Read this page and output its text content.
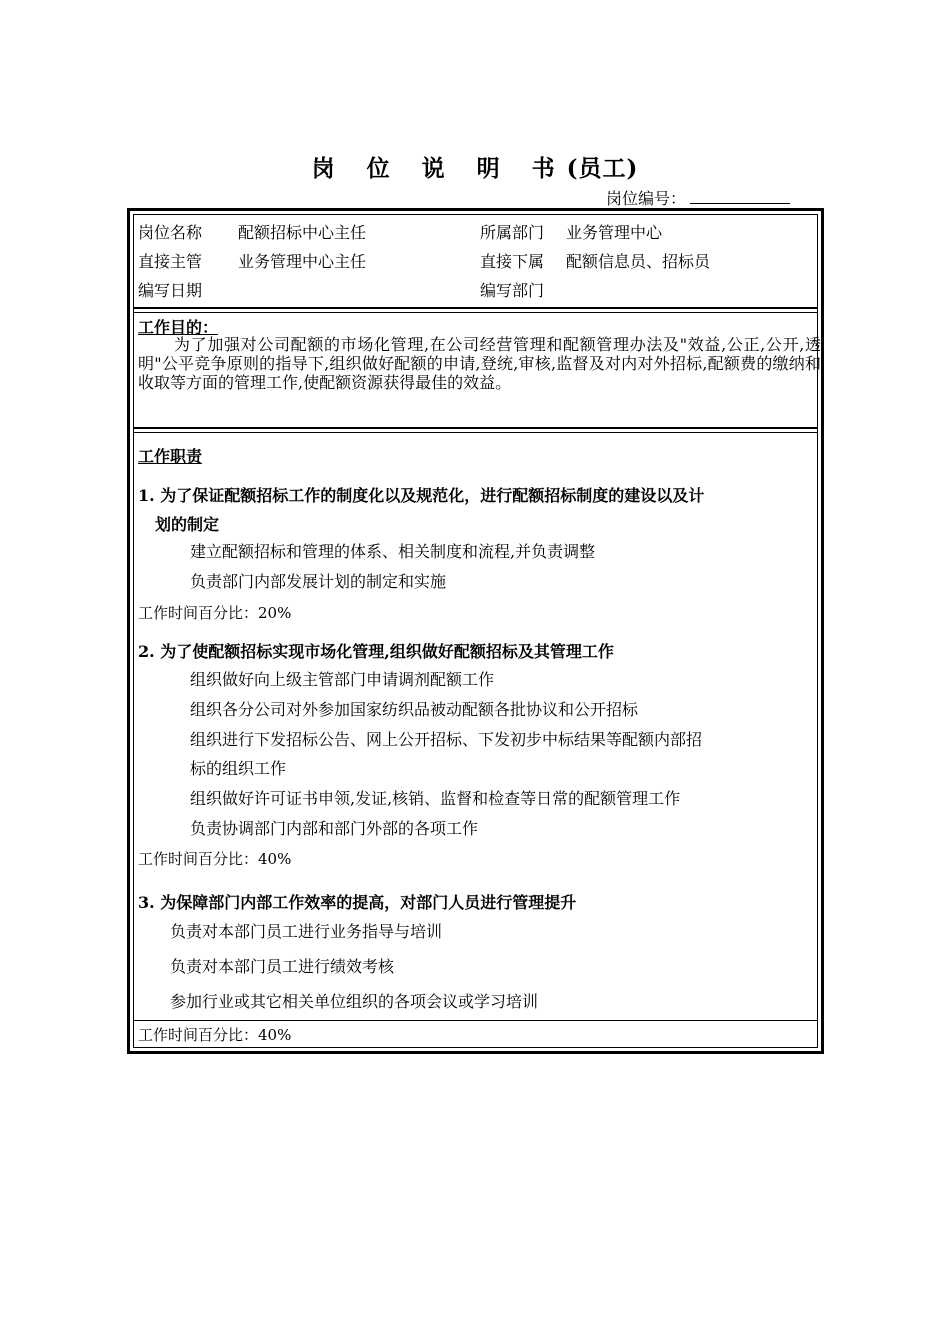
岗 位 说 明 书(员工)
岗位编号：
岗位名称 配额招标中心主任	所属部门 业务管理中心
直接主管 业务管理中心主任	直接下属 配额信息员、招标员
编写日期	编写部门
工作目的：
为了加强对公司配额的市场化管理,在公司经营管理和配额管理办法及"效益,公正,公开,透明"公平竞争原则的指导下,组织做好配额的申请,登统,审核,监督及对内对外招标,配额费的缴纳和收取等方面的管理工作,使配额资源获得最佳的效益。
工作职责
1. 为了保证配额招标工作的制度化以及规范化，进行配额招标制度的建设以及计
划的制定
建立配额招标和管理的体系、相关制度和流程,并负责调整
负责部门内部发展计划的制定和实施
工作时间百分比：20%
2. 为了使配额招标实现市场化管理,组织做好配额招标及其管理工作
组织做好向上级主管部门申请调剂配额工作
组织各分公司对外参加国家纺织品被动配额各批协议和公开招标
组织进行下发招标公告、网上公开招标、下发初步中标结果等配额内部招
标的组织工作
组织做好许可证书申领,发证,核销、监督和检查等日常的配额管理工作
负责协调部门内部和部门外部的各项工作
工作时间百分比：40%
3. 为保障部门内部工作效率的提高，对部门人员进行管理提升
负责对本部门员工进行业务指导与培训
负责对本部门员工进行绩效考核
参加行业或其它相关单位组织的各项会议或学习培训
工作时间百分比：40%
